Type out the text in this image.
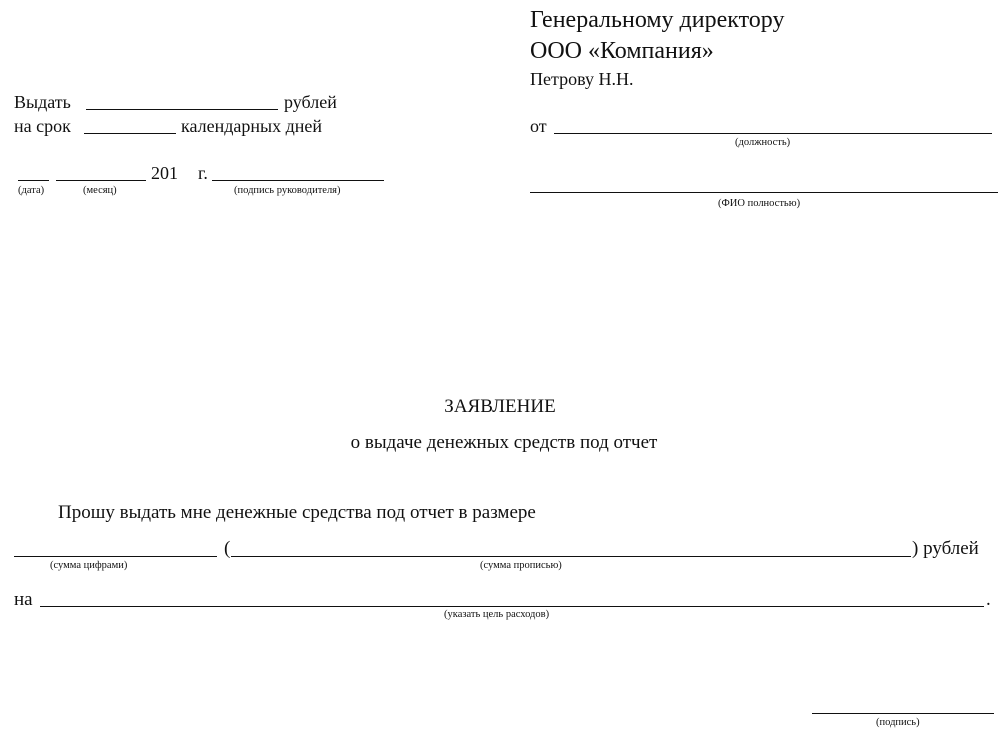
Генеральному директору
ООО «Компания»
Петрову Н.Н.
от
(должность)
(ФИО полностью)
Выдать	рублей
на срок	календарных дней
201 г.
(дата)	(месяц)	(подпись руководителя)
ЗАЯВЛЕНИЕ
о выдаче денежных средств под отчет
Прошу выдать мне денежные средства под отчет в размере
(	) рублей
(сумма цифрами)	(сумма прописью)
на	.
(указать цель расходов)
(подпись)
